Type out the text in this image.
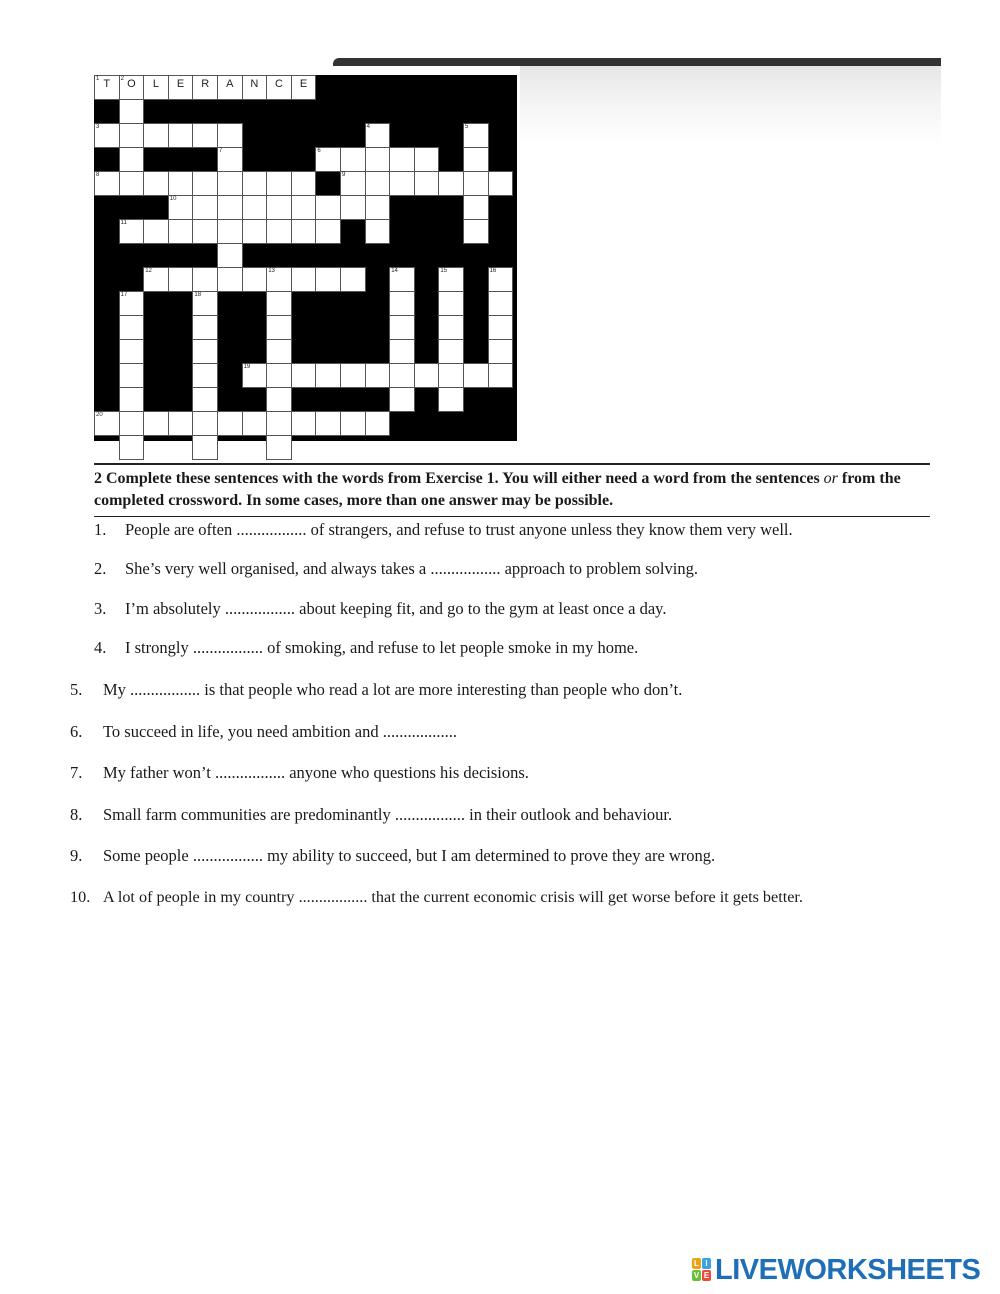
1 T	2 O	L	E	R	A	N	C	E
3	4	5
6
7
8	9
10
11
12	13	14	15	16
17	18
19
20
2 Complete these sentences with the words from Exercise 1. You will either need a word from the sentences or from the completed crossword. In some cases, more than one answer may be possible.
1. People are often ................. of strangers, and refuse to trust anyone unless they know them very well.
2. She’s very well organised, and always takes a ................. approach to problem solving.
3. I’m absolutely ................. about keeping fit, and go to the gym at least once a day.
4. I strongly ................. of smoking, and refuse to let people smoke in my home.
5. My ................. is that people who read a lot are more interesting than people who don’t.
6. To succeed in life, you need ambition and ..................
7. My father won’t ................. anyone who questions his decisions.
8. Small farm communities are predominantly ................. in their outlook and behaviour.
9. Some people ................. my ability to succeed, but I am determined to prove they are wrong.
10. A lot of people in my country ................. that the current economic crisis will get worse before it gets better.
L I
V E LIVEWORKSHEETS
